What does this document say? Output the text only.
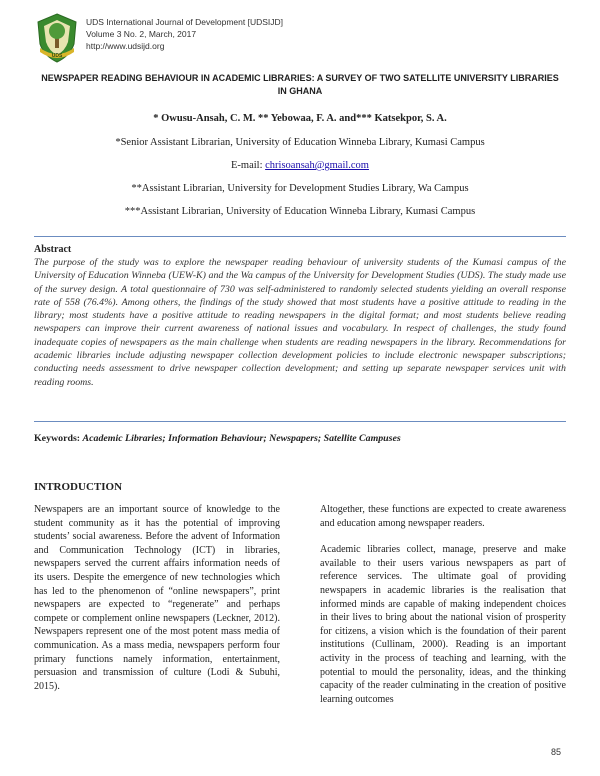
UDS
UDS International Journal of Development [UDSIJD]
Volume 3 No. 2, March, 2017
http://www.udsijd.org
NEWSPAPER READING BEHAVIOUR IN ACADEMIC LIBRARIES: A SURVEY OF TWO SATELLITE UNIVERSITY LIBRARIES IN GHANA
* Owusu-Ansah, C. M. ** Yebowaa, F. A. and*** Katsekpor, S. A.
*Senior Assistant Librarian, University of Education Winneba Library, Kumasi Campus
E-mail: chrisoansah@gmail.com
**Assistant Librarian, University for Development Studies Library, Wa Campus
***Assistant Librarian, University of Education Winneba Library, Kumasi Campus
Abstract
The purpose of the study was to explore the newspaper reading behaviour of university students of the Kumasi campus of the University of Education Winneba (UEW-K) and the Wa campus of the University for Development Studies (UDS). The study made use of the survey design. A total questionnaire of 730 was self-administered to randomly selected students yielding an overall response rate of 558 (76.4%). Among others, the findings of the study showed that most students have a positive attitude to reading in the library; most students have a positive attitude to reading newspapers in the digital format; and most students believe reading newspapers can improve their current awareness of national issues and vocabulary. In respect of challenges, the study found inadequate copies of newspapers as the main challenge when students are reading newspapers in the library. Recommendations for academic libraries include adjusting newspaper collection development policies to include electronic newspaper subscriptions; conducting needs assessment to drive newspaper collection development; and setting up separate newspaper services unit with reading rooms.
Keywords: Academic Libraries; Information Behaviour; Newspapers; Satellite Campuses
INTRODUCTION

Newspapers are an important source of knowledge to the student community as it has the potential of improving students’ social awareness. Before the advent of Information and Communication Technology (ICT) in libraries, newspapers served the current affairs information needs of its users. Despite the emergence of new technologies which has led to the phenomenon of “online newspapers”, print newspapers are expected to “regenerate” and perhaps compete or complement online newspapers (Leckner, 2012). Newspapers represent one of the most potent mass media of communication. As a mass media, newspapers perform four primary functions namely information, entertainment, persuasion and transmission of culture (Lodi & Subuhi, 2015).

Altogether, these functions are expected to create awareness and education among newspaper readers.

Academic libraries collect, manage, preserve and make available to their users various newspapers as part of reference services. The ultimate goal of providing newspapers in academic libraries is the realisation that informed minds are capable of making independent choices in their lives to bring about the national vision of prosperity for citizens, a vision which is the foundation of their parent institutions (Cullinam, 2000). Reading is an important activity in the process of teaching and learning, with the potential to mould the personality, ideas, and the thinking capacity of the reader culminating in the creation of positive learning outcomes

85
